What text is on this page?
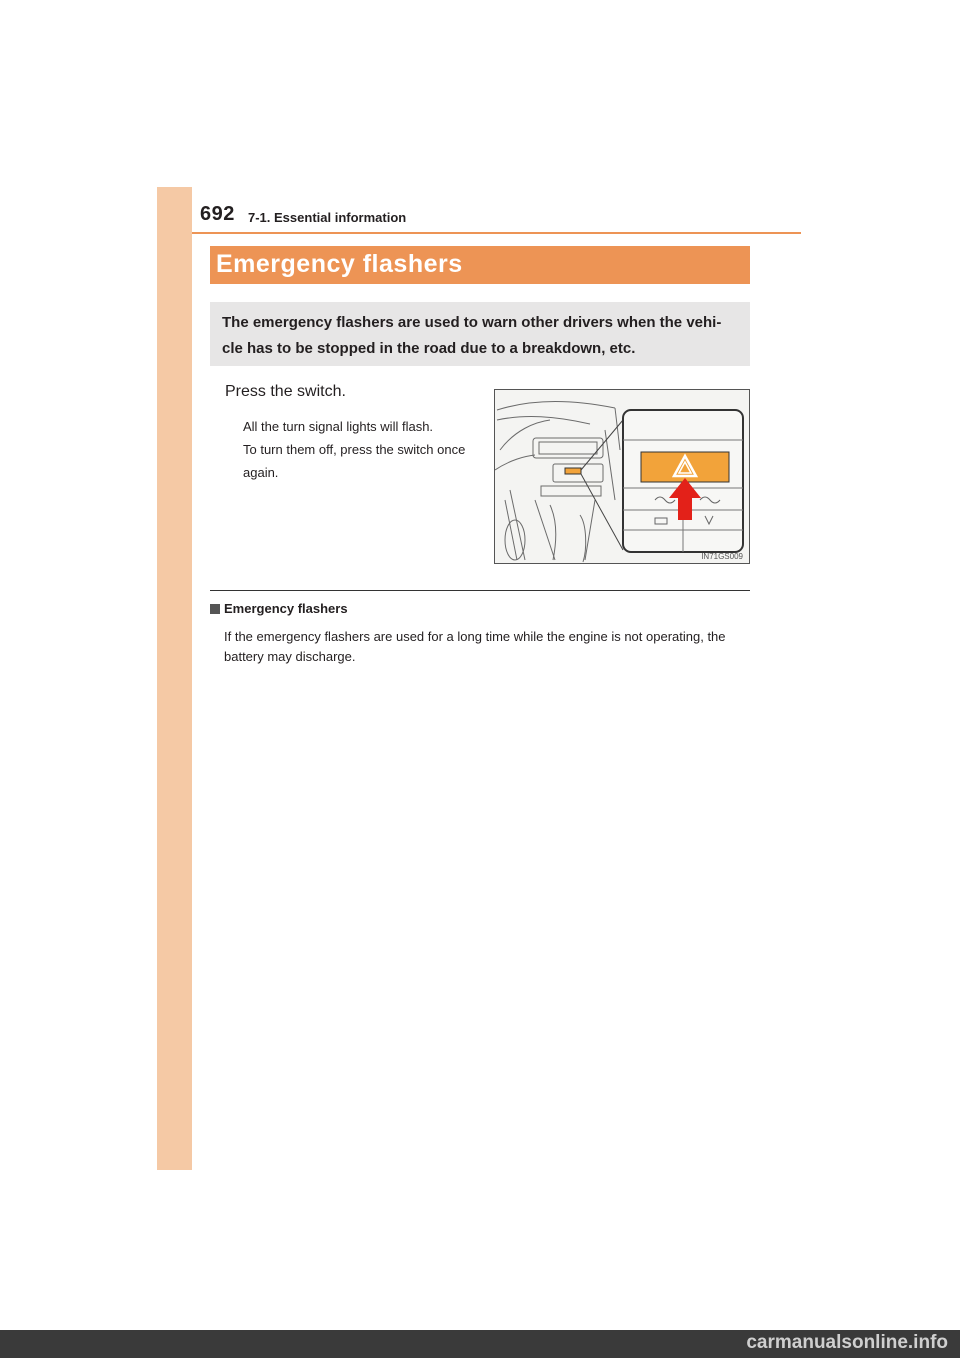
692 7-1. Essential information
Emergency flashers
The emergency flashers are used to warn other drivers when the vehi-cle has to be stopped in the road due to a breakdown, etc.
Press the switch.

All the turn signal lights will flash.

To turn them off, press the switch once again.

IN71GS009
Emergency flashers
If the emergency flashers are used for a long time while the engine is not operating, the battery may discharge.
carmanualsonline.info
